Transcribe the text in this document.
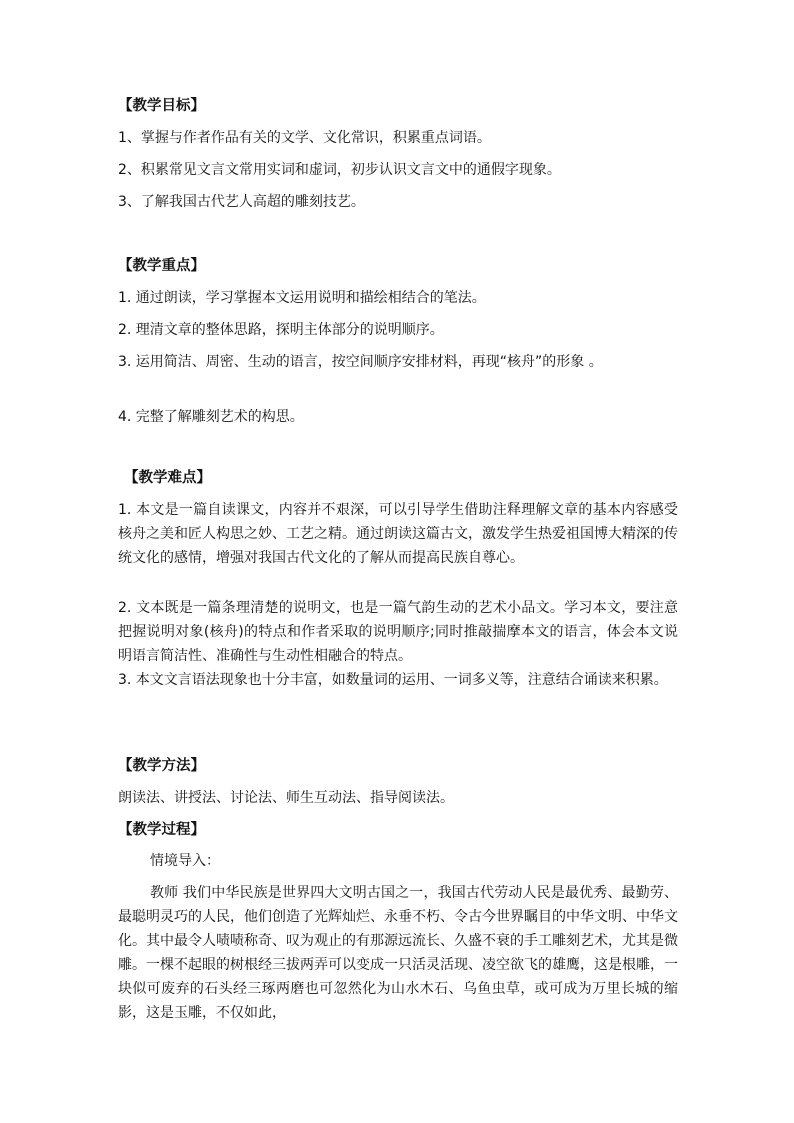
【教学目标】

1、掌握与作者作品有关的文学、文化常识，积累重点词语。

2、积累常见文言文常用实词和虚词，初步认识文言文中的通假字现象。

3、了解我国古代艺人高超的雕刻技艺。

【教学重点】

1. 通过朗读，学习掌握本文运用说明和描绘相结合的笔法。

2. 理清文章的整体思路，探明主体部分的说明顺序。

3. 运用简洁、周密、生动的语言，按空间顺序安排材料，再现“核舟”的形象 。

4. 完整了解雕刻艺术的构思。

【教学难点】

1. 本文是一篇自读课文，内容并不艰深，可以引导学生借助注释理解文章的基本内容感受核舟之美和匠人构思之妙、工艺之精。通过朗读这篇古文，激发学生热爱祖国博大精深的传统文化的感情，增强对我国古代文化的了解从而提高民族自尊心。

2. 文本既是一篇条理清楚的说明文，也是一篇气韵生动的艺术小品文。学习本文，要注意把握说明对象(核舟)的特点和作者采取的说明顺序;同时推敲揣摩本文的语言，体会本文说明语言简洁性、准确性与生动性相融合的特点。

3. 本文文言语法现象也十分丰富，如数量词的运用、一词多义等，注意结合诵读来积累。

【教学方法】

朗读法、讲授法、讨论法、师生互动法、指导阅读法。

【教学过程】

情境导入：

教师 我们中华民族是世界四大文明古国之一，我国古代劳动人民是最优秀、最勤劳、最聪明灵巧的人民，他们创造了光辉灿烂、永垂不朽、令古今世界瞩目的中华文明、中华文化。其中最令人啧啧称奇、叹为观止的有那源远流长、久盛不衰的手工雕刻艺术，尤其是微雕。一棵不起眼的树根经三拔两弄可以变成一只活灵活现、凌空欲飞的雄鹰，这是根雕，一块似可废弃的石头经三琢两磨也可忽然化为山水木石、乌鱼虫草，或可成为万里长城的缩影，这是玉雕，不仅如此，
